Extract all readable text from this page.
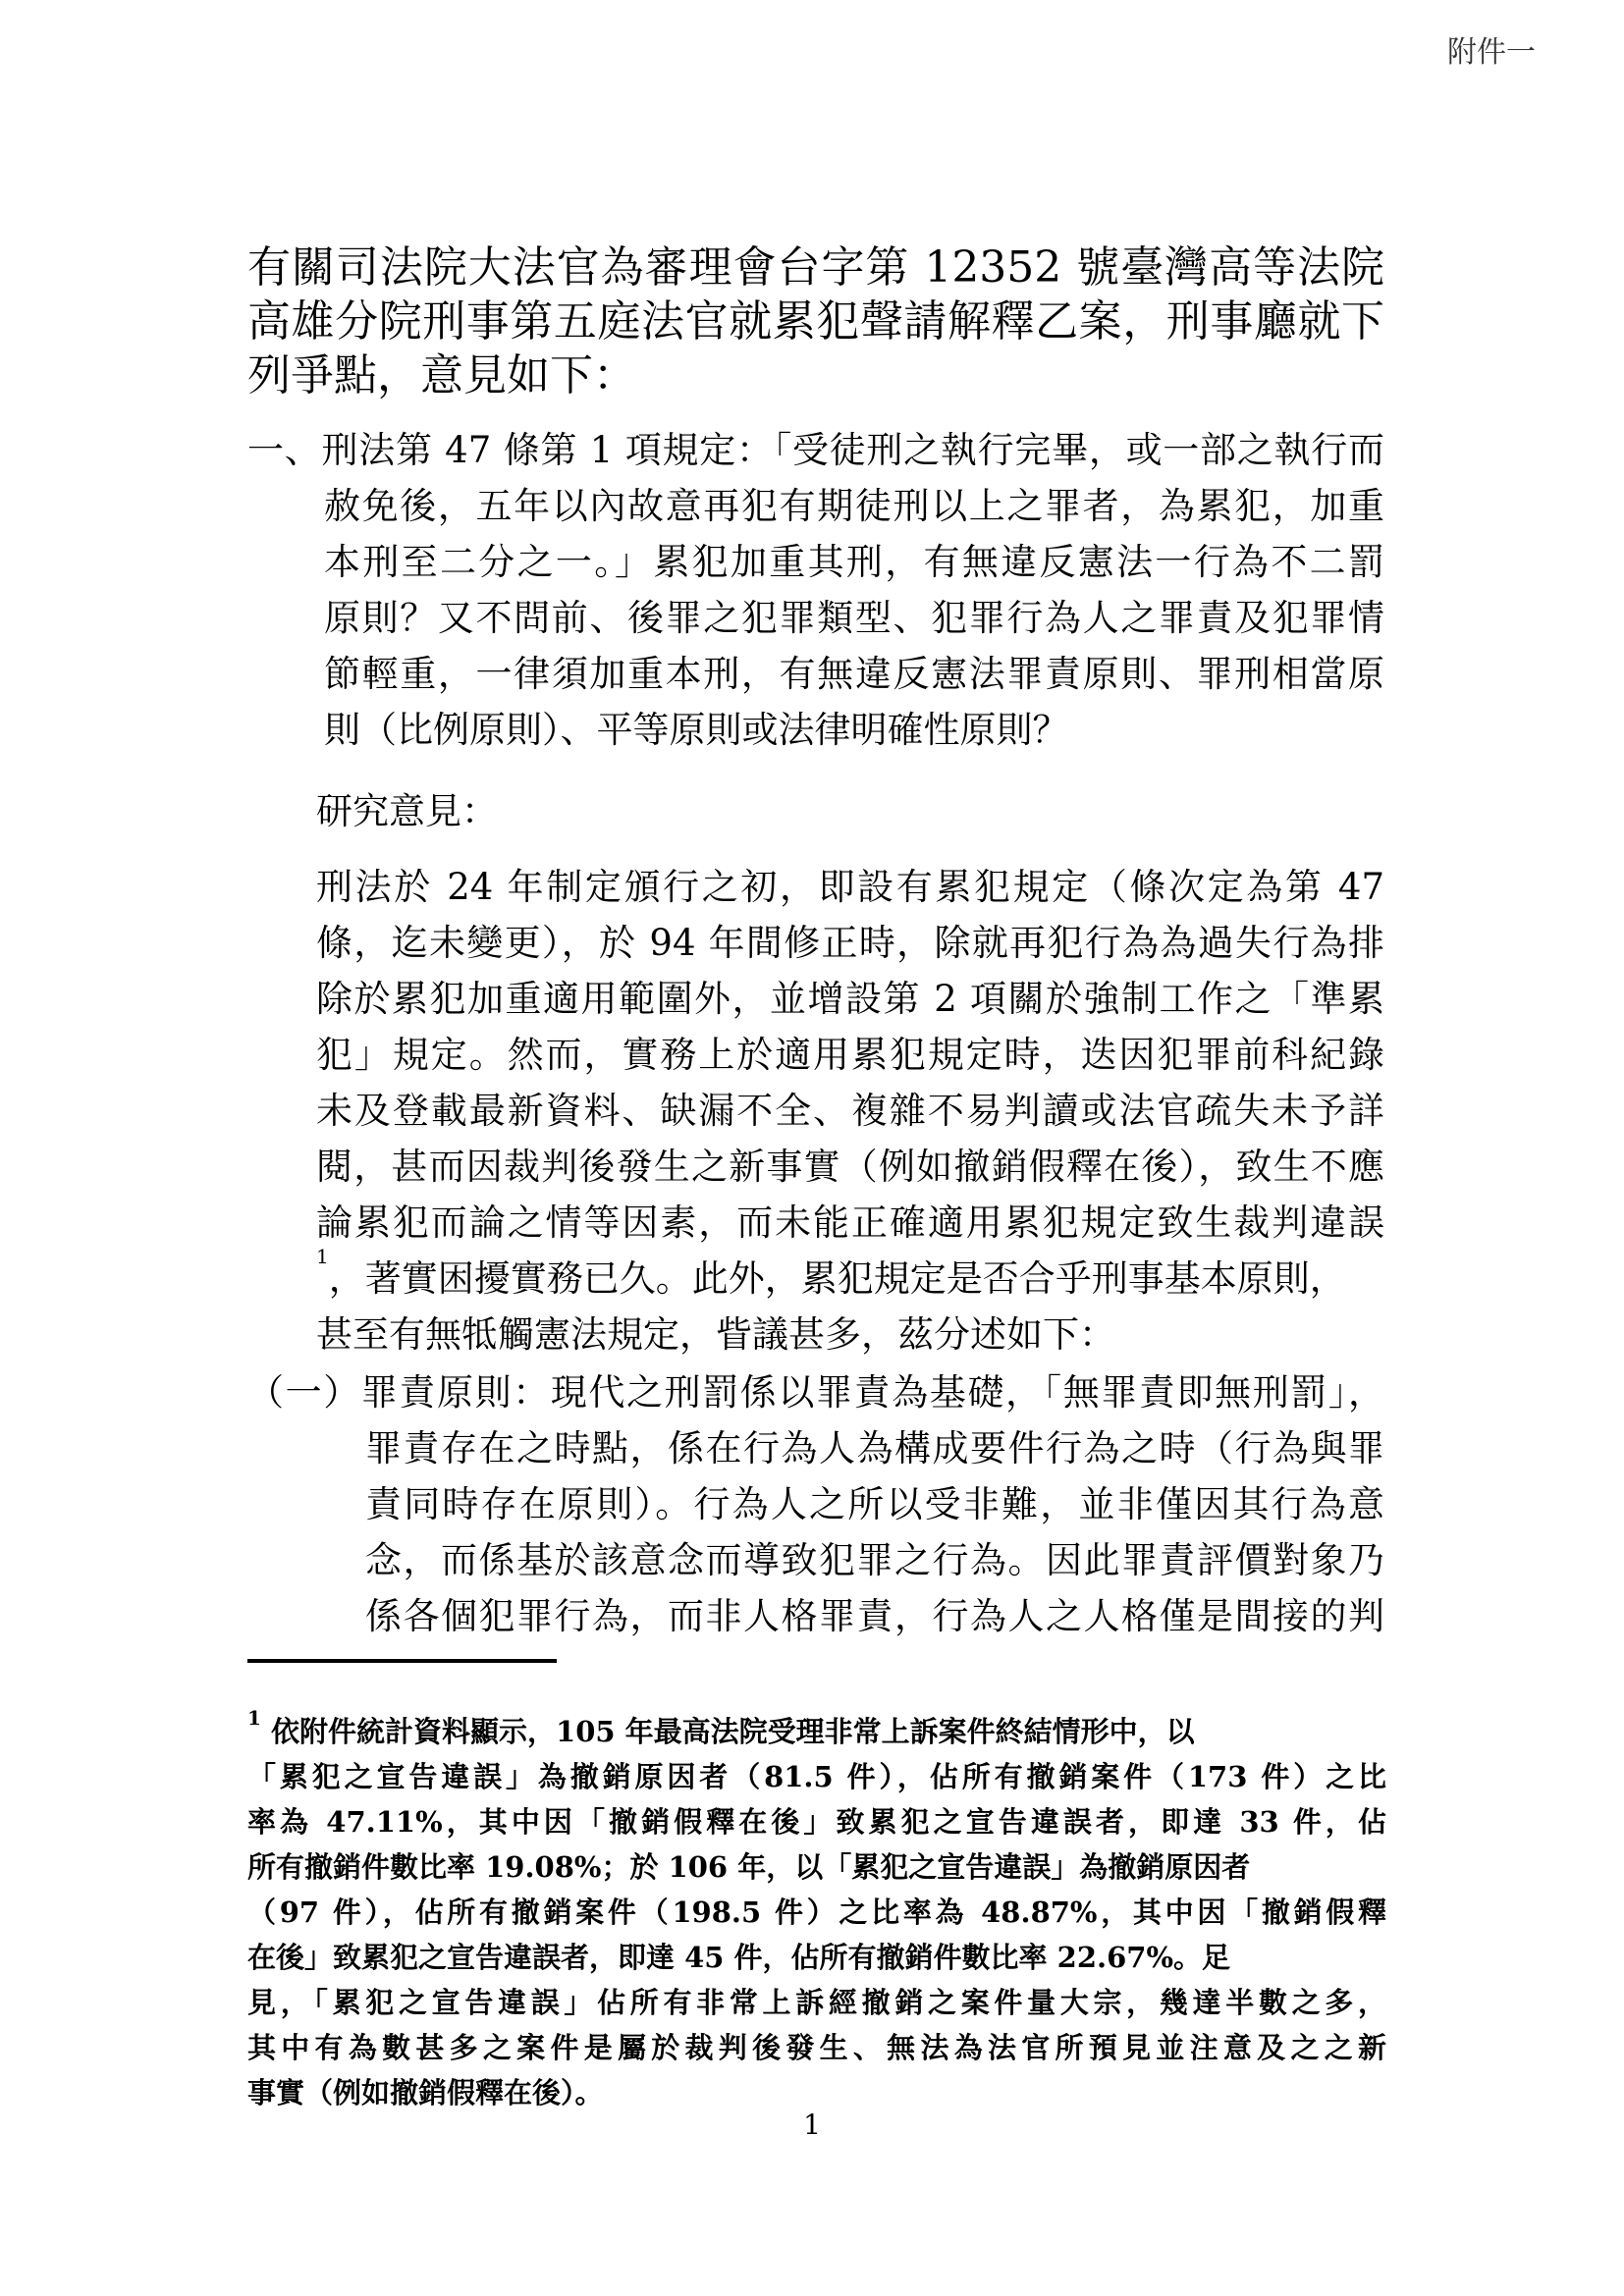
附件一
有關司法院大法官為審理會台字第 12352 號臺灣高等法院
高雄分院刑事第五庭法官就累犯聲請解釋乙案，刑事廳就下
列爭點，意見如下：
一、刑法第 47 條第 1 項規定：「受徒刑之執行完畢，或一部之執行而
赦免後，五年以內故意再犯有期徒刑以上之罪者，為累犯，加重
本刑至二分之一。」累犯加重其刑，有無違反憲法一行為不二罰
原則？又不問前、後罪之犯罪類型、犯罪行為人之罪責及犯罪情
節輕重，一律須加重本刑，有無違反憲法罪責原則、罪刑相當原
則（比例原則）、平等原則或法律明確性原則？
研究意見：
刑法於 24 年制定頒行之初，即設有累犯規定（條次定為第 47
條，迄未變更），於 94 年間修正時，除就再犯行為為過失行為排
除於累犯加重適用範圍外，並增設第 2 項關於強制工作之「準累
犯」規定。然而，實務上於適用累犯規定時，迭因犯罪前科紀錄
未及登載最新資料、缺漏不全、複雜不易判讀或法官疏失未予詳
閱，甚而因裁判後發生之新事實（例如撤銷假釋在後），致生不應
論累犯而論之情等因素，而未能正確適用累犯規定致生裁判違誤
$^1$，著實困擾實務已久。此外，累犯規定是否合乎刑事基本原則，
甚至有無牴觸憲法規定，眥議甚多，茲分述如下：
（一）罪責原則：現代之刑罰係以罪責為基礎，「無罪責即無刑罰」，
罪責存在之時點，係在行為人為構成要件行為之時（行為與罪
責同時存在原則）。行為人之所以受非難，並非僅因其行為意
念，而係基於該意念而導致犯罪之行為。因此罪責評價對象乃
係各個犯罪行為，而非人格罪責，行為人之人格僅是間接的判
$^1$ 依附件統計資料顯示，105 年最高法院受理非常上訴案件終結情形中，以
「累犯之宣告違誤」為撤銷原因者（81.5 件），佔所有撤銷案件（173 件）之比
率為 47.11%，其中因「撤銷假釋在後」致累犯之宣告違誤者，即達 33 件，佔
所有撤銷件數比率 19.08%；於 106 年，以「累犯之宣告違誤」為撤銷原因者
（97 件），佔所有撤銷案件（198.5 件）之比率為 48.87%，其中因「撤銷假釋
在後」致累犯之宣告違誤者，即達 45 件，佔所有撤銷件數比率 22.67%。足
見，「累犯之宣告違誤」佔所有非常上訴經撤銷之案件量大宗，幾達半數之多，
其中有為數甚多之案件是屬於裁判後發生、無法為法官所預見並注意及之之新
事實（例如撤銷假釋在後）。
1
